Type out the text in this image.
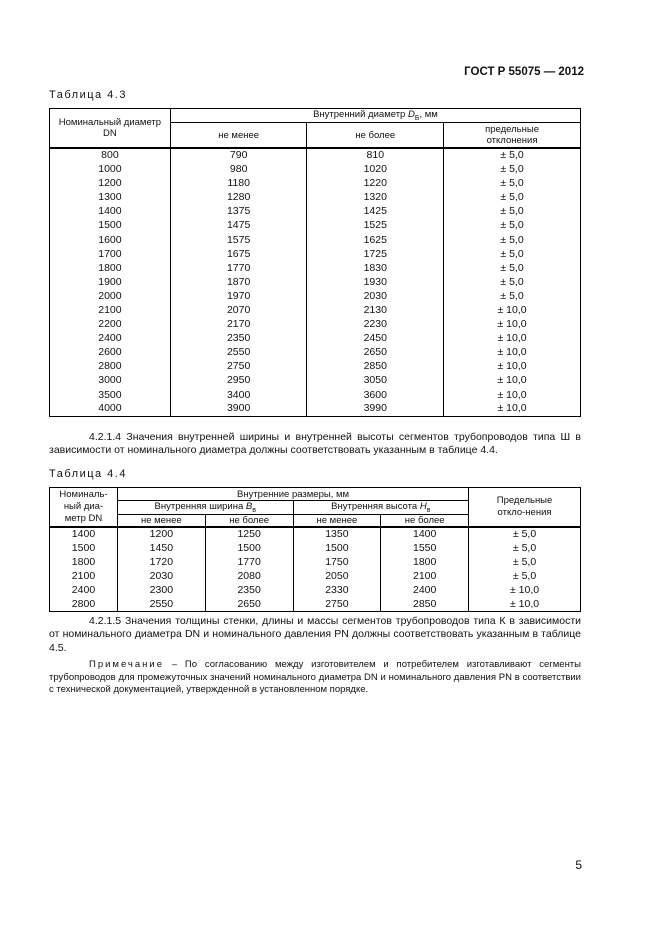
ГОСТ Р 55075 — 2012
Таблица 4.3
Номинальный диаметр DN	Внутренний диаметр $D_Б$, мм		
	не менее	не более	предельные отклонения
800	790	810	± 5,0
1000	980	1020	± 5,0
1200	1180	1220	± 5,0
1300	1280	1320	± 5,0
1400	1375	1425	± 5,0
1500	1475	1525	± 5,0
1600	1575	1625	± 5,0
1700	1675	1725	± 5,0
1800	1770	1830	± 5,0
1900	1870	1930	± 5,0
2000	1970	2030	± 5,0
2100	2070	2130	± 10,0
2200	2170	2230	± 10,0
2400	2350	2450	± 10,0
2600	2550	2650	± 10,0
2800	2750	2850	± 10,0
3000	2950	3050	± 10,0
3500	3400	3600	± 10,0
4000	3900	3990	± 10,0
4.2.1.4 Значения внутренней ширины и внутренней высоты сегментов трубопроводов типа Ш в зависимости от номинального диаметра должны соответствовать указанным в таблице 4.4.
Таблица 4.4
Номиналь-ный диа-метр DN	Внутренние размеры, мм				Предельные откло-нения
	Внутренняя ширина $B_в$		Внутренняя высота $H_в$
	не менее	не более	не менее	не более	
1400	1200	1250	1350	1400	± 5,0
1500	1450	1500	1500	1550	± 5,0
1800	1720	1770	1750	1800	± 5,0
2100	2030	2080	2050	2100	± 5,0
2400	2300	2350	2330	2400	± 10,0
2800	2550	2650	2750	2850	± 10,0
4.2.1.5 Значения толщины стенки, длины и массы сегментов трубопроводов типа К в зависимости от номинального диаметра DN и номинального давления PN должны соответствовать указанным в таблице 4.5.
Примечание – По согласованию между изготовителем и потребителем изготавливают сегменты трубопроводов для промежуточных значений номинального диаметра DN и номинального давления PN в соответствии с технической документацией, утвержденной в установленном порядке.
5
